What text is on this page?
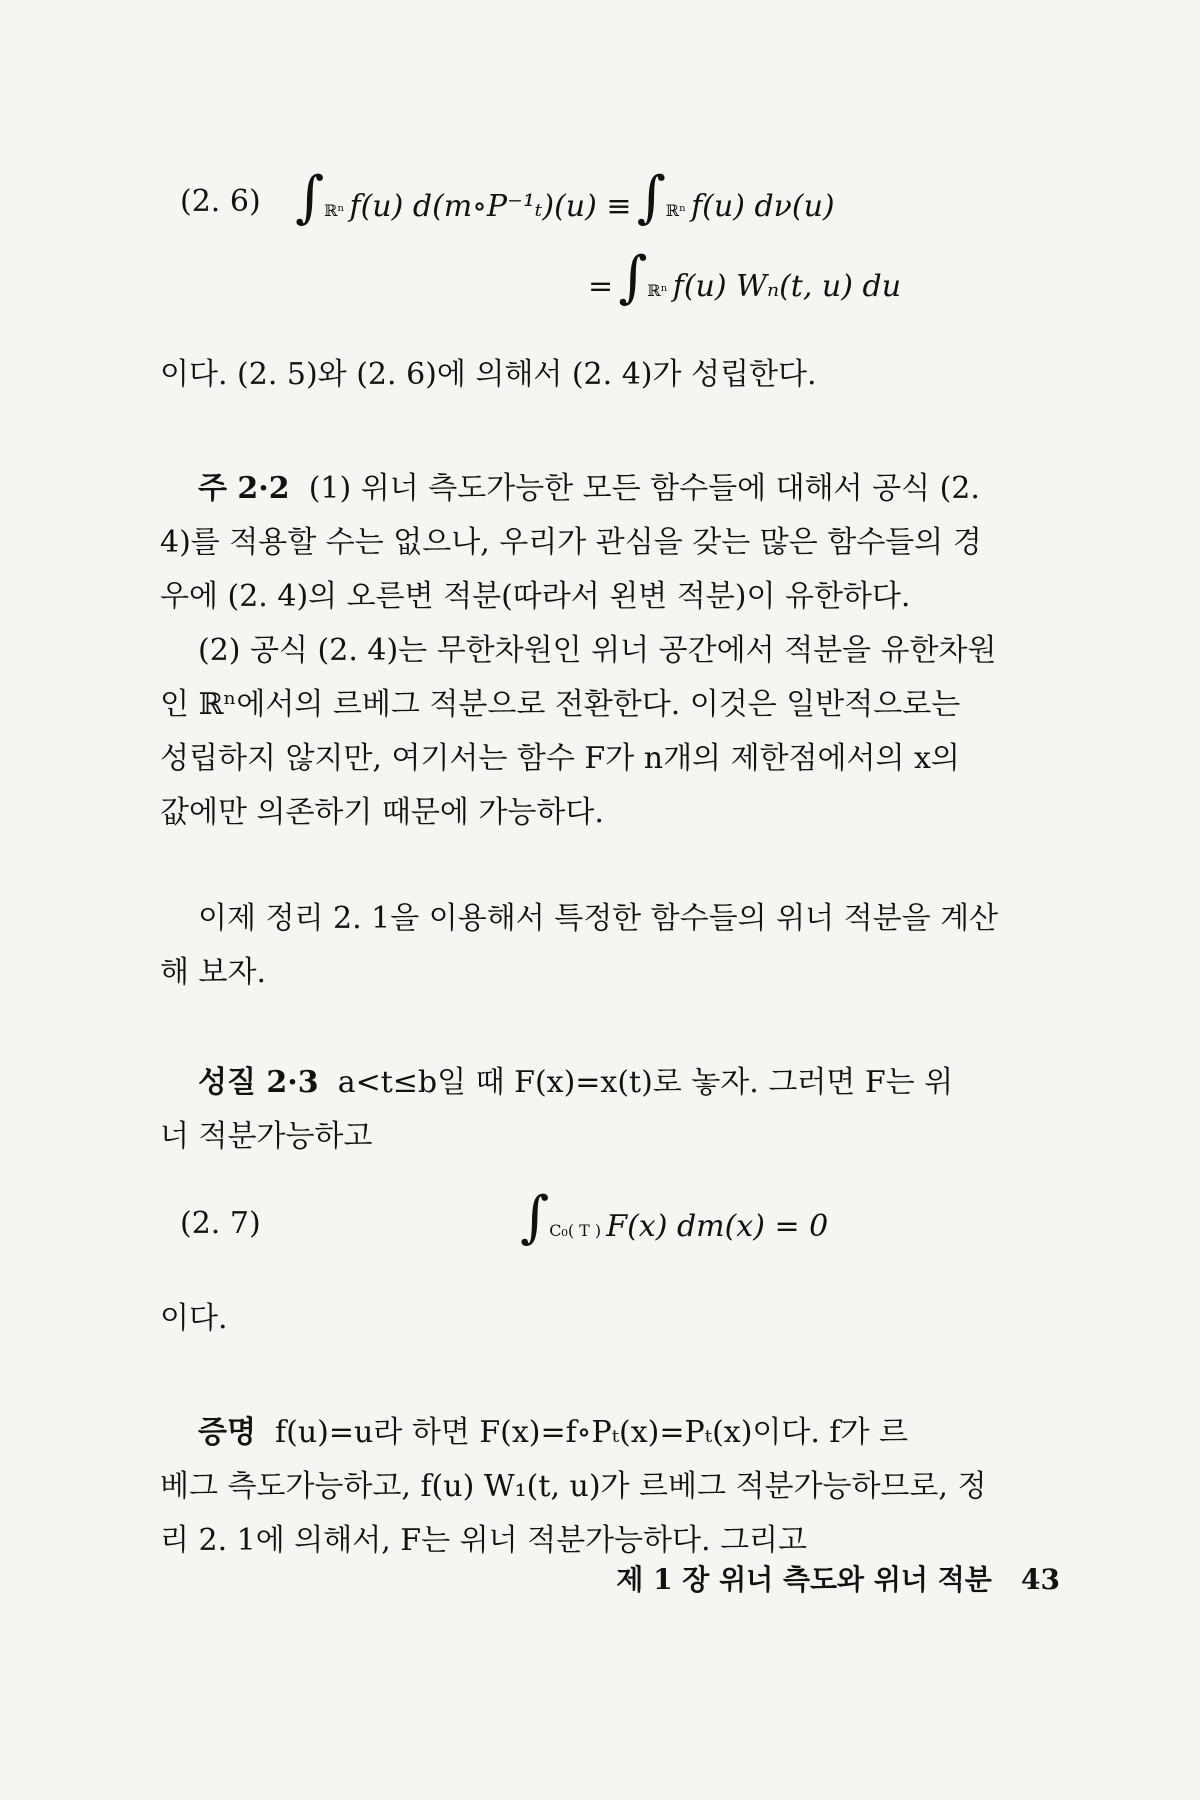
(2. 6) ∫ℝⁿ f(u) d(m∘P⁻¹ₜ)(u) ≡ ∫ℝⁿ f(u) dν(u)
= ∫ℝⁿ f(u) Wₙ(t, u) du
이다. (2. 5)와 (2. 6)에 의해서 (2. 4)가 성립한다.
주 2·2 (1) 위너 측도가능한 모든 함수들에 대해서 공식 (2.
4)를 적용할 수는 없으나, 우리가 관심을 갖는 많은 함수들의 경
우에 (2. 4)의 오른변 적분(따라서 왼변 적분)이 유한하다.
(2) 공식 (2. 4)는 무한차원인 위너 공간에서 적분을 유한차원
인 ℝⁿ에서의 르베그 적분으로 전환한다. 이것은 일반적으로는
성립하지 않지만, 여기서는 함수 F가 n개의 제한점에서의 x의
값에만 의존하기 때문에 가능하다.
이제 정리 2. 1을 이용해서 특정한 함수들의 위너 적분을 계산
해 보자.
성질 2·3 a<t≤b일 때 F(x)=x(t)로 놓자. 그러면 F는 위
너 적분가능하고
(2. 7)	∫C₀( T ) F(x) dm(x) = 0
이다.
증명 f(u)=u라 하면 F(x)=f∘Pₜ(x)=Pₜ(x)이다. f가 르
베그 측도가능하고, f(u) W₁(t, u)가 르베그 적분가능하므로, 정
리 2. 1에 의해서, F는 위너 적분가능하다. 그리고
제 1 장 위너 측도와 위너 적분 43
